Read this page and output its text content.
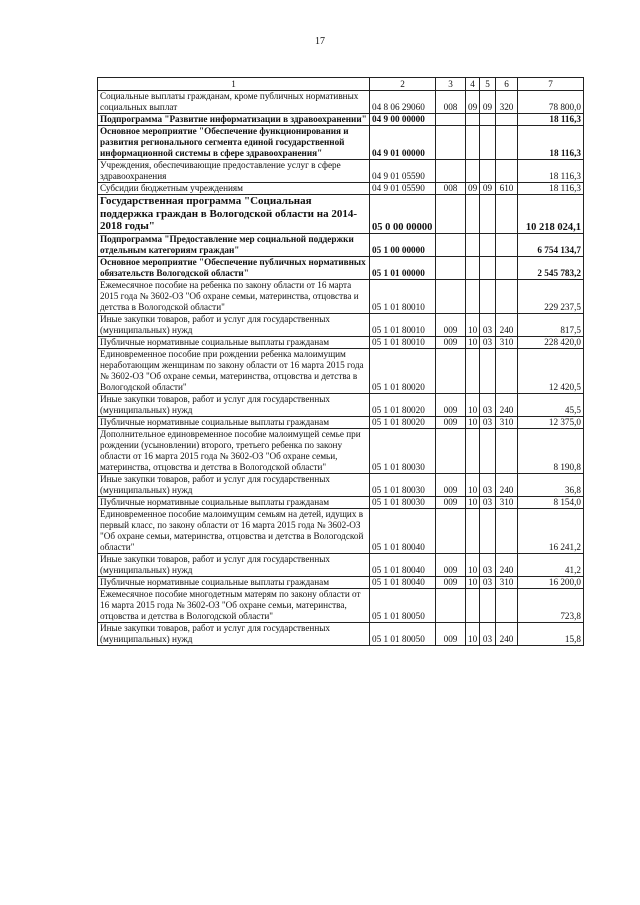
17
1	2	3	4	5	6	7
Социальные выплаты гражданам, кроме публичных нормативных социальных выплат	04 8 06 29060	008	09	09	320	78 800,0
Подпрограмма "Развитие информатизации в здравоохранении"	04 9 00 00000					18 116,3
Основное мероприятие "Обеспечение функционирования и развития регионального сегмента единой государственной информационной системы в сфере здравоохранения"	04 9 01 00000					18 116,3
Учреждения, обеспечивающие предоставление услуг в сфере здравоохранения	04 9 01 05590					18 116,3
Субсидии бюджетным учреждениям	04 9 01 05590	008	09	09	610	18 116,3
Государственная программа "Социальная поддержка граждан в Вологодской области на 2014-2018 годы"	05 0 00 00000					10 218 024,1
Подпрограмма "Предоставление мер социальной поддержки отдельным категориям граждан"	05 1 00 00000					6 754 134,7
Основное мероприятие "Обеспечение публичных нормативных обязательств Вологодской области"	05 1 01 00000					2 545 783,2
Ежемесячное пособие на ребенка по закону области от 16 марта 2015 года № 3602-ОЗ "Об охране семьи, материнства, отцовства и детства в Вологодской области"	05 1 01 80010					229 237,5
Иные закупки товаров, работ и услуг для государственных (муниципальных) нужд	05 1 01 80010	009	10	03	240	817,5
Публичные нормативные социальные выплаты гражданам	05 1 01 80010	009	10	03	310	228 420,0
Единовременное пособие при рождении ребенка малоимущим неработающим женщинам по закону области от 16 марта 2015 года № 3602-ОЗ "Об охране семьи, материнства, отцовства и детства в Вологодской области"	05 1 01 80020					12 420,5
Иные закупки товаров, работ и услуг для государственных (муниципальных) нужд	05 1 01 80020	009	10	03	240	45,5
Публичные нормативные социальные выплаты гражданам	05 1 01 80020	009	10	03	310	12 375,0
Дополнительное единовременное пособие малоимущей семье при рождении (усыновлении) второго, третьего ребенка по закону области от 16 марта 2015 года № 3602-ОЗ "Об охране семьи, материнства, отцовства и детства в Вологодской области"	05 1 01 80030					8 190,8
Иные закупки товаров, работ и услуг для государственных (муниципальных) нужд	05 1 01 80030	009	10	03	240	36,8
Публичные нормативные социальные выплаты гражданам	05 1 01 80030	009	10	03	310	8 154,0
Единовременное пособие малоимущим семьям на детей, идущих в первый класс, по закону области от 16 марта 2015 года № 3602-ОЗ "Об охране семьи, материнства, отцовства и детства в Вологодской области"	05 1 01 80040					16 241,2
Иные закупки товаров, работ и услуг для государственных (муниципальных) нужд	05 1 01 80040	009	10	03	240	41,2
Публичные нормативные социальные выплаты гражданам	05 1 01 80040	009	10	03	310	16 200,0
Ежемесячное пособие многодетным матерям по закону области от 16 марта 2015 года № 3602-ОЗ "Об охране семьи, материнства, отцовства и детства в Вологодской области"	05 1 01 80050					723,8
Иные закупки товаров, работ и услуг для государственных (муниципальных) нужд	05 1 01 80050	009	10	03	240	15,8
